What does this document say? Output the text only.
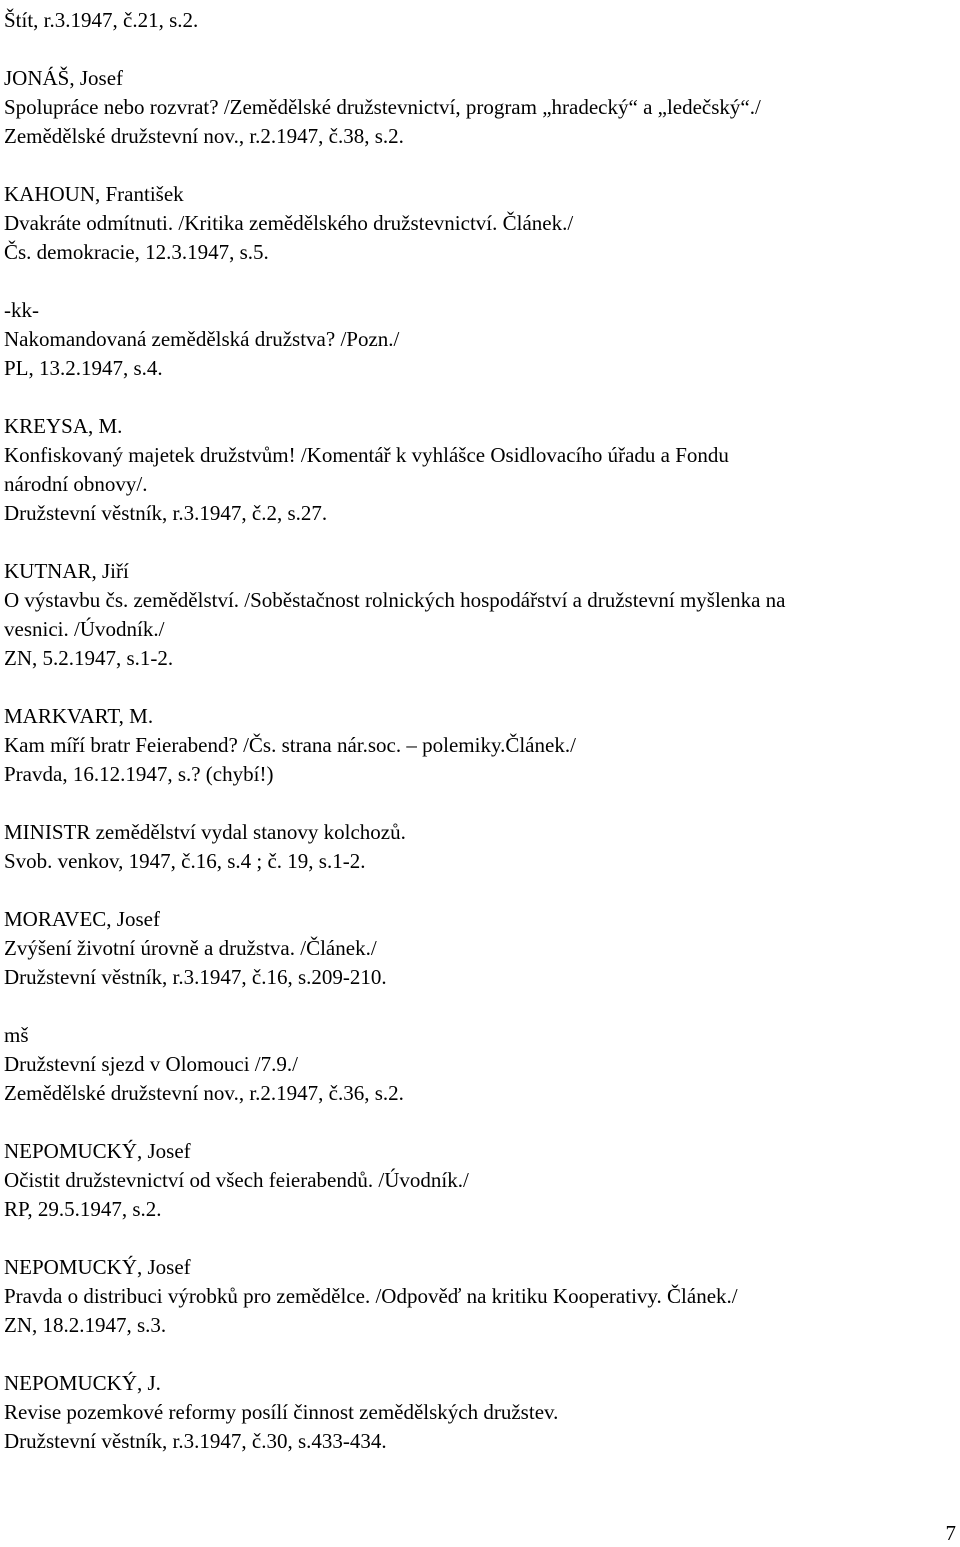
Štít, r.3.1947, č.21, s.2.
JONÁŠ, Josef
Spolupráce nebo rozvrat? /Zemědělské družstevnictví, program „hradecký“ a „ledečský“./
Zemědělské družstevní nov., r.2.1947, č.38, s.2.
KAHOUN, František
Dvakráte odmítnuti. /Kritika zemědělského družstevnictví. Článek./
Čs. demokracie, 12.3.1947, s.5.
-kk-
Nakomandovaná zemědělská družstva? /Pozn./
PL, 13.2.1947, s.4.
KREYSA, M.
Konfiskovaný majetek družstvům! /Komentář k vyhlášce Osidlovacího úřadu a Fondu
národní obnovy/.
Družstevní věstník, r.3.1947, č.2, s.27.
KUTNAR, Jiří
O výstavbu čs. zemědělství. /Soběstačnost rolnických hospodářství a družstevní myšlenka na
vesnici. /Úvodník./
ZN, 5.2.1947, s.1-2.
MARKVART, M.
Kam míří bratr Feierabend? /Čs. strana nár.soc. – polemiky.Článek./
Pravda, 16.12.1947, s.? (chybí!)
MINISTR zemědělství vydal stanovy kolchozů.
Svob. venkov, 1947, č.16, s.4 ; č. 19, s.1-2.
MORAVEC, Josef
Zvýšení životní úrovně a družstva. /Článek./
Družstevní věstník, r.3.1947, č.16, s.209-210.
mš
Družstevní sjezd v Olomouci /7.9./
Zemědělské družstevní nov., r.2.1947, č.36, s.2.
NEPOMUCKÝ, Josef
Očistit družstevnictví od všech feierabendů. /Úvodník./
RP, 29.5.1947, s.2.
NEPOMUCKÝ, Josef
Pravda o distribuci výrobků pro zemědělce. /Odpověď na kritiku Kooperativy. Článek./
ZN, 18.2.1947, s.3.
NEPOMUCKÝ, J.
Revise pozemkové reformy posílí činnost zemědělských družstev.
Družstevní věstník, r.3.1947, č.30, s.433-434.
7
